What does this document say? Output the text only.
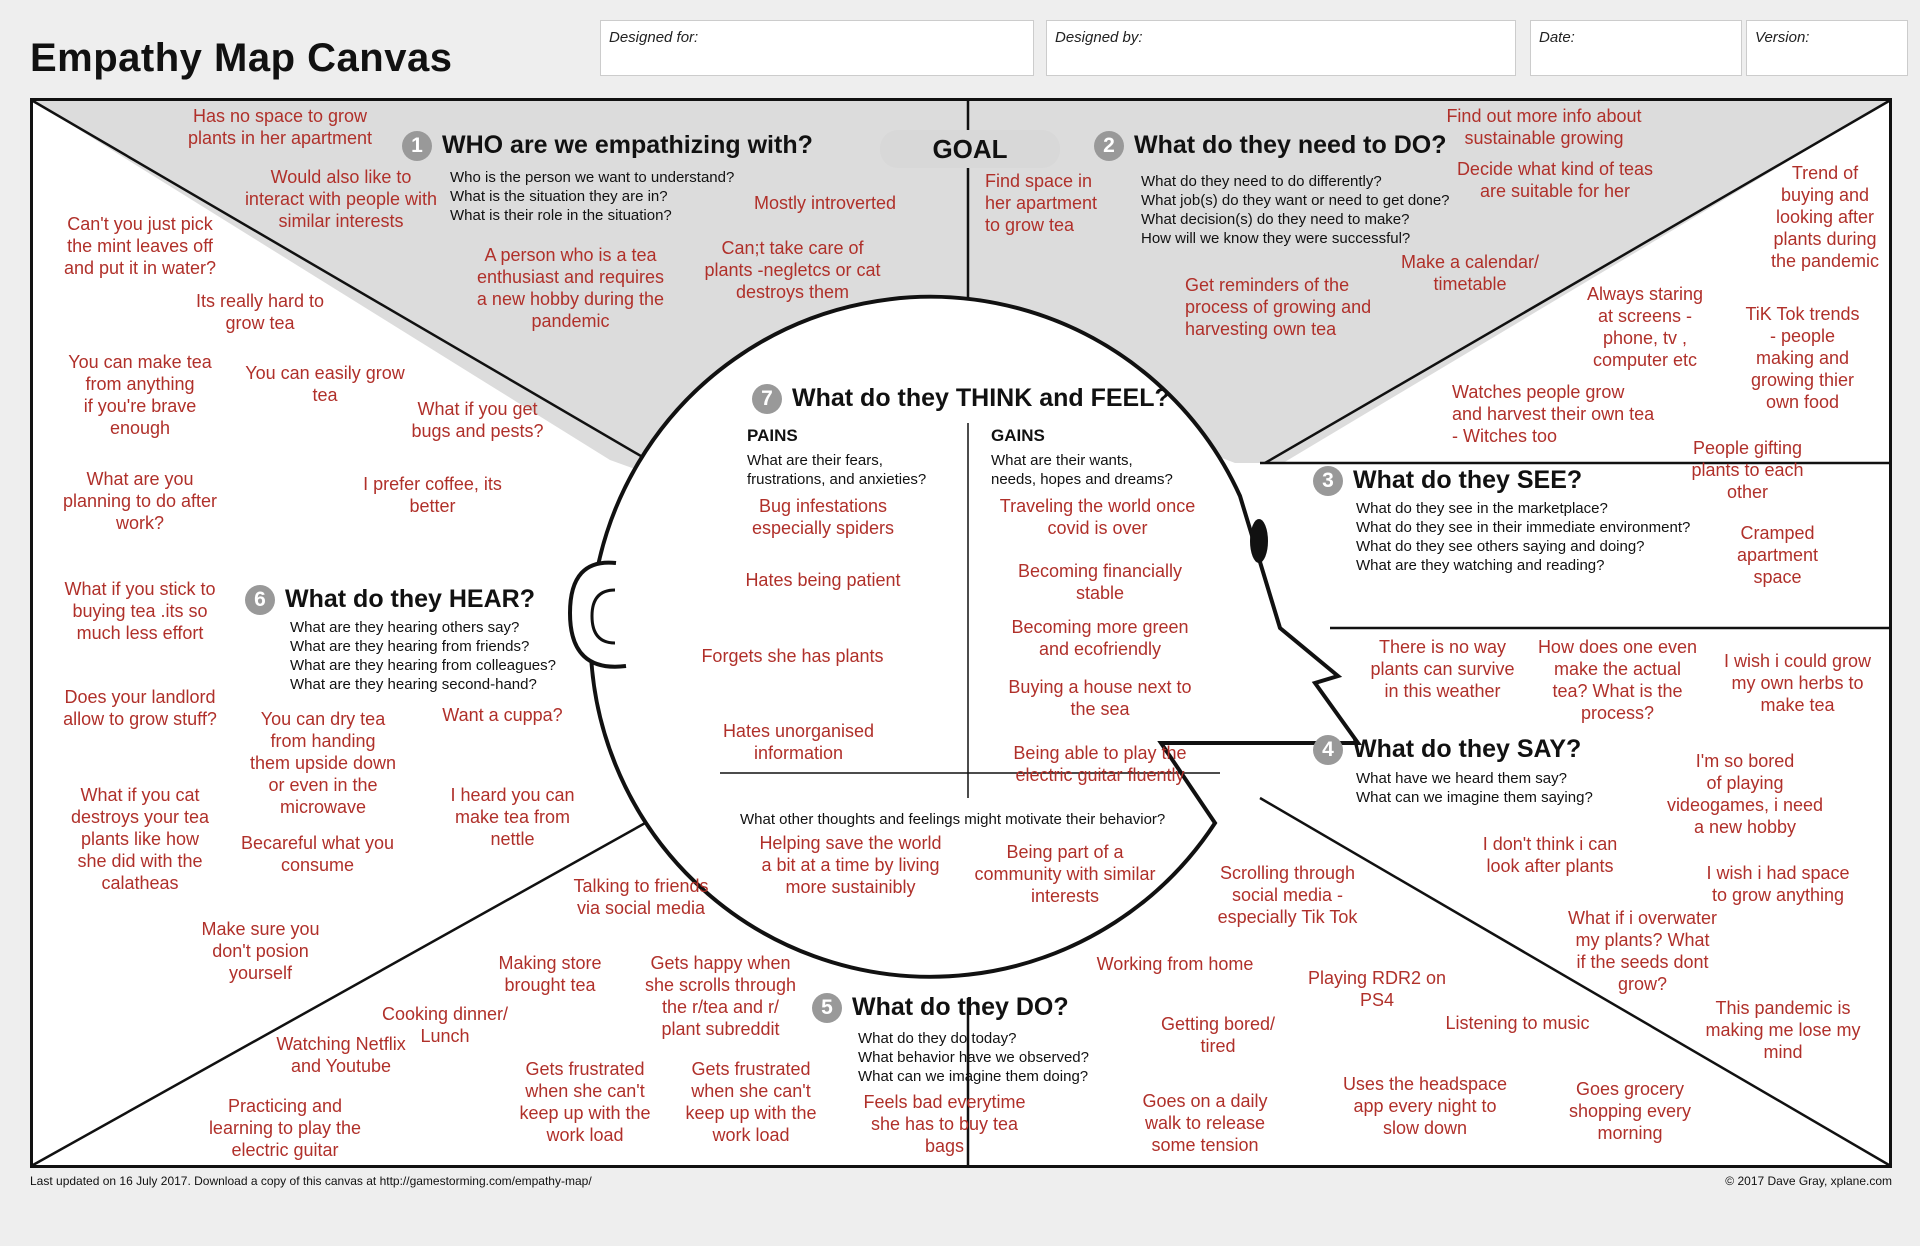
Empathy Map Canvas	Designed for:	Designed by:	Date:	Version:
GOAL
1 WHO are we empathizing with?
Who is the person we want to understand?
What is the situation they are in?
What is their role in the situation?
2 What do they need to DO?
What do they need to do differently?
What job(s) do they want or need to get done?
What decision(s) do they need to make?
How will we know they were successful?
3 What do they SEE?
What do they see in the marketplace?
What do they see in their immediate environment?
What do they see others saying and doing?
What are they watching and reading?
4 What do they SAY?
What have we heard them say?
What can we imagine them saying?
5 What do they DO?
What do they do today?
What behavior have we observed?
What can we imagine them doing?
6 What do they HEAR?
What are they hearing others say?
What are they hearing from friends?
What are they hearing from colleagues?
What are they hearing second-hand?
7 What do they THINK and FEEL?
PAINS
What are their fears,
frustrations, and anxieties?
GAINS
What are their wants,
needs, hopes and dreams?
What other thoughts and feelings might motivate their behavior?
Has no space to grow
plants in her apartment
Would also like to
interact with people with
similar interests
Mostly introverted
A person who is a tea
enthusiast and requires
a new hobby during the
pandemic
Can;t take care of
plants -negletcs or cat
destroys them
Find space in
her apartment
to grow tea
Find out more info about
sustainable growing
Decide what kind of teas
are suitable for her
Make a calendar/
timetable
Get reminders of the
process of growing and
harvesting own tea
Trend of
buying and
looking after
plants during
the pandemic
Always staring
at screens -
phone, tv ,
computer etc
TiK Tok trends
- people
making and
growing thier
own food
Watches people grow
and harvest their own tea
- Witches too
People gifting
plants to each
other
Cramped
apartment
space
There is no way
plants can survive
in this weather
How does one even
make the actual
tea? What is the
process?
I wish i could grow
my own herbs to
make tea
I'm so bored
of playing
videogames, i need
a new hobby
I don't think i can
look after plants	I wish i had space
to grow anything
What if i overwater
my plants? What
if the seeds dont
grow?
This pandemic is
making me lose my
mind
Can't you just pick
the mint leaves off
and put it in water?
Its really hard to
grow tea
You can make tea
from anything
if you're brave
enough
You can easily grow
tea
What if you get
bugs and pests?
What are you
planning to do after
work?
I prefer coffee, its
better
What if you stick to
buying tea .its so
much less effort
Does your landlord
allow to grow stuff?	You can dry tea
from handing
them upside down
or even in the
microwave
Want a cuppa?
What if you cat
destroys your tea
plants like how
she did with the
calatheas
I heard you can
make tea from
nettle
Becareful what you
consume
Bug infestations
especially spiders
Hates being patient
Forgets she has plants
Hates unorganised
information
Traveling the world once
covid is over
Becoming financially
stable
Becoming more green
and ecofriendly
Buying a house next to
the sea
Being able to play the
electric guitar fluently
Helping save the world
a bit at a time by living
more sustainibly
Being part of a
community with similar
interests
Talking to friends
via social media
Make sure you
don't posion
yourself	Making store
brought tea
Gets happy when
she scrolls through
the r/tea and r/
plant subreddit
Cooking dinner/
Lunch
Watching Netflix
and Youtube	Gets frustrated
when she can't
keep up with the
work load
Gets frustrated
when she can't
keep up with the
work load
Feels bad everytime
she has to buy tea
bags
Practicing and
learning to play the
electric guitar
Scrolling through
social media -
especially Tik Tok
Working from home
Playing RDR2 on
PS4
Getting bored/
tired
Listening to music
Goes on a daily
walk to release
some tension
Uses the headspace
app every night to
slow down
Goes grocery
shopping every
morning
Last updated on 16 July 2017. Download a copy of this canvas at http://gamestorming.com/empathy-map/	© 2017 Dave Gray, xplane.com
